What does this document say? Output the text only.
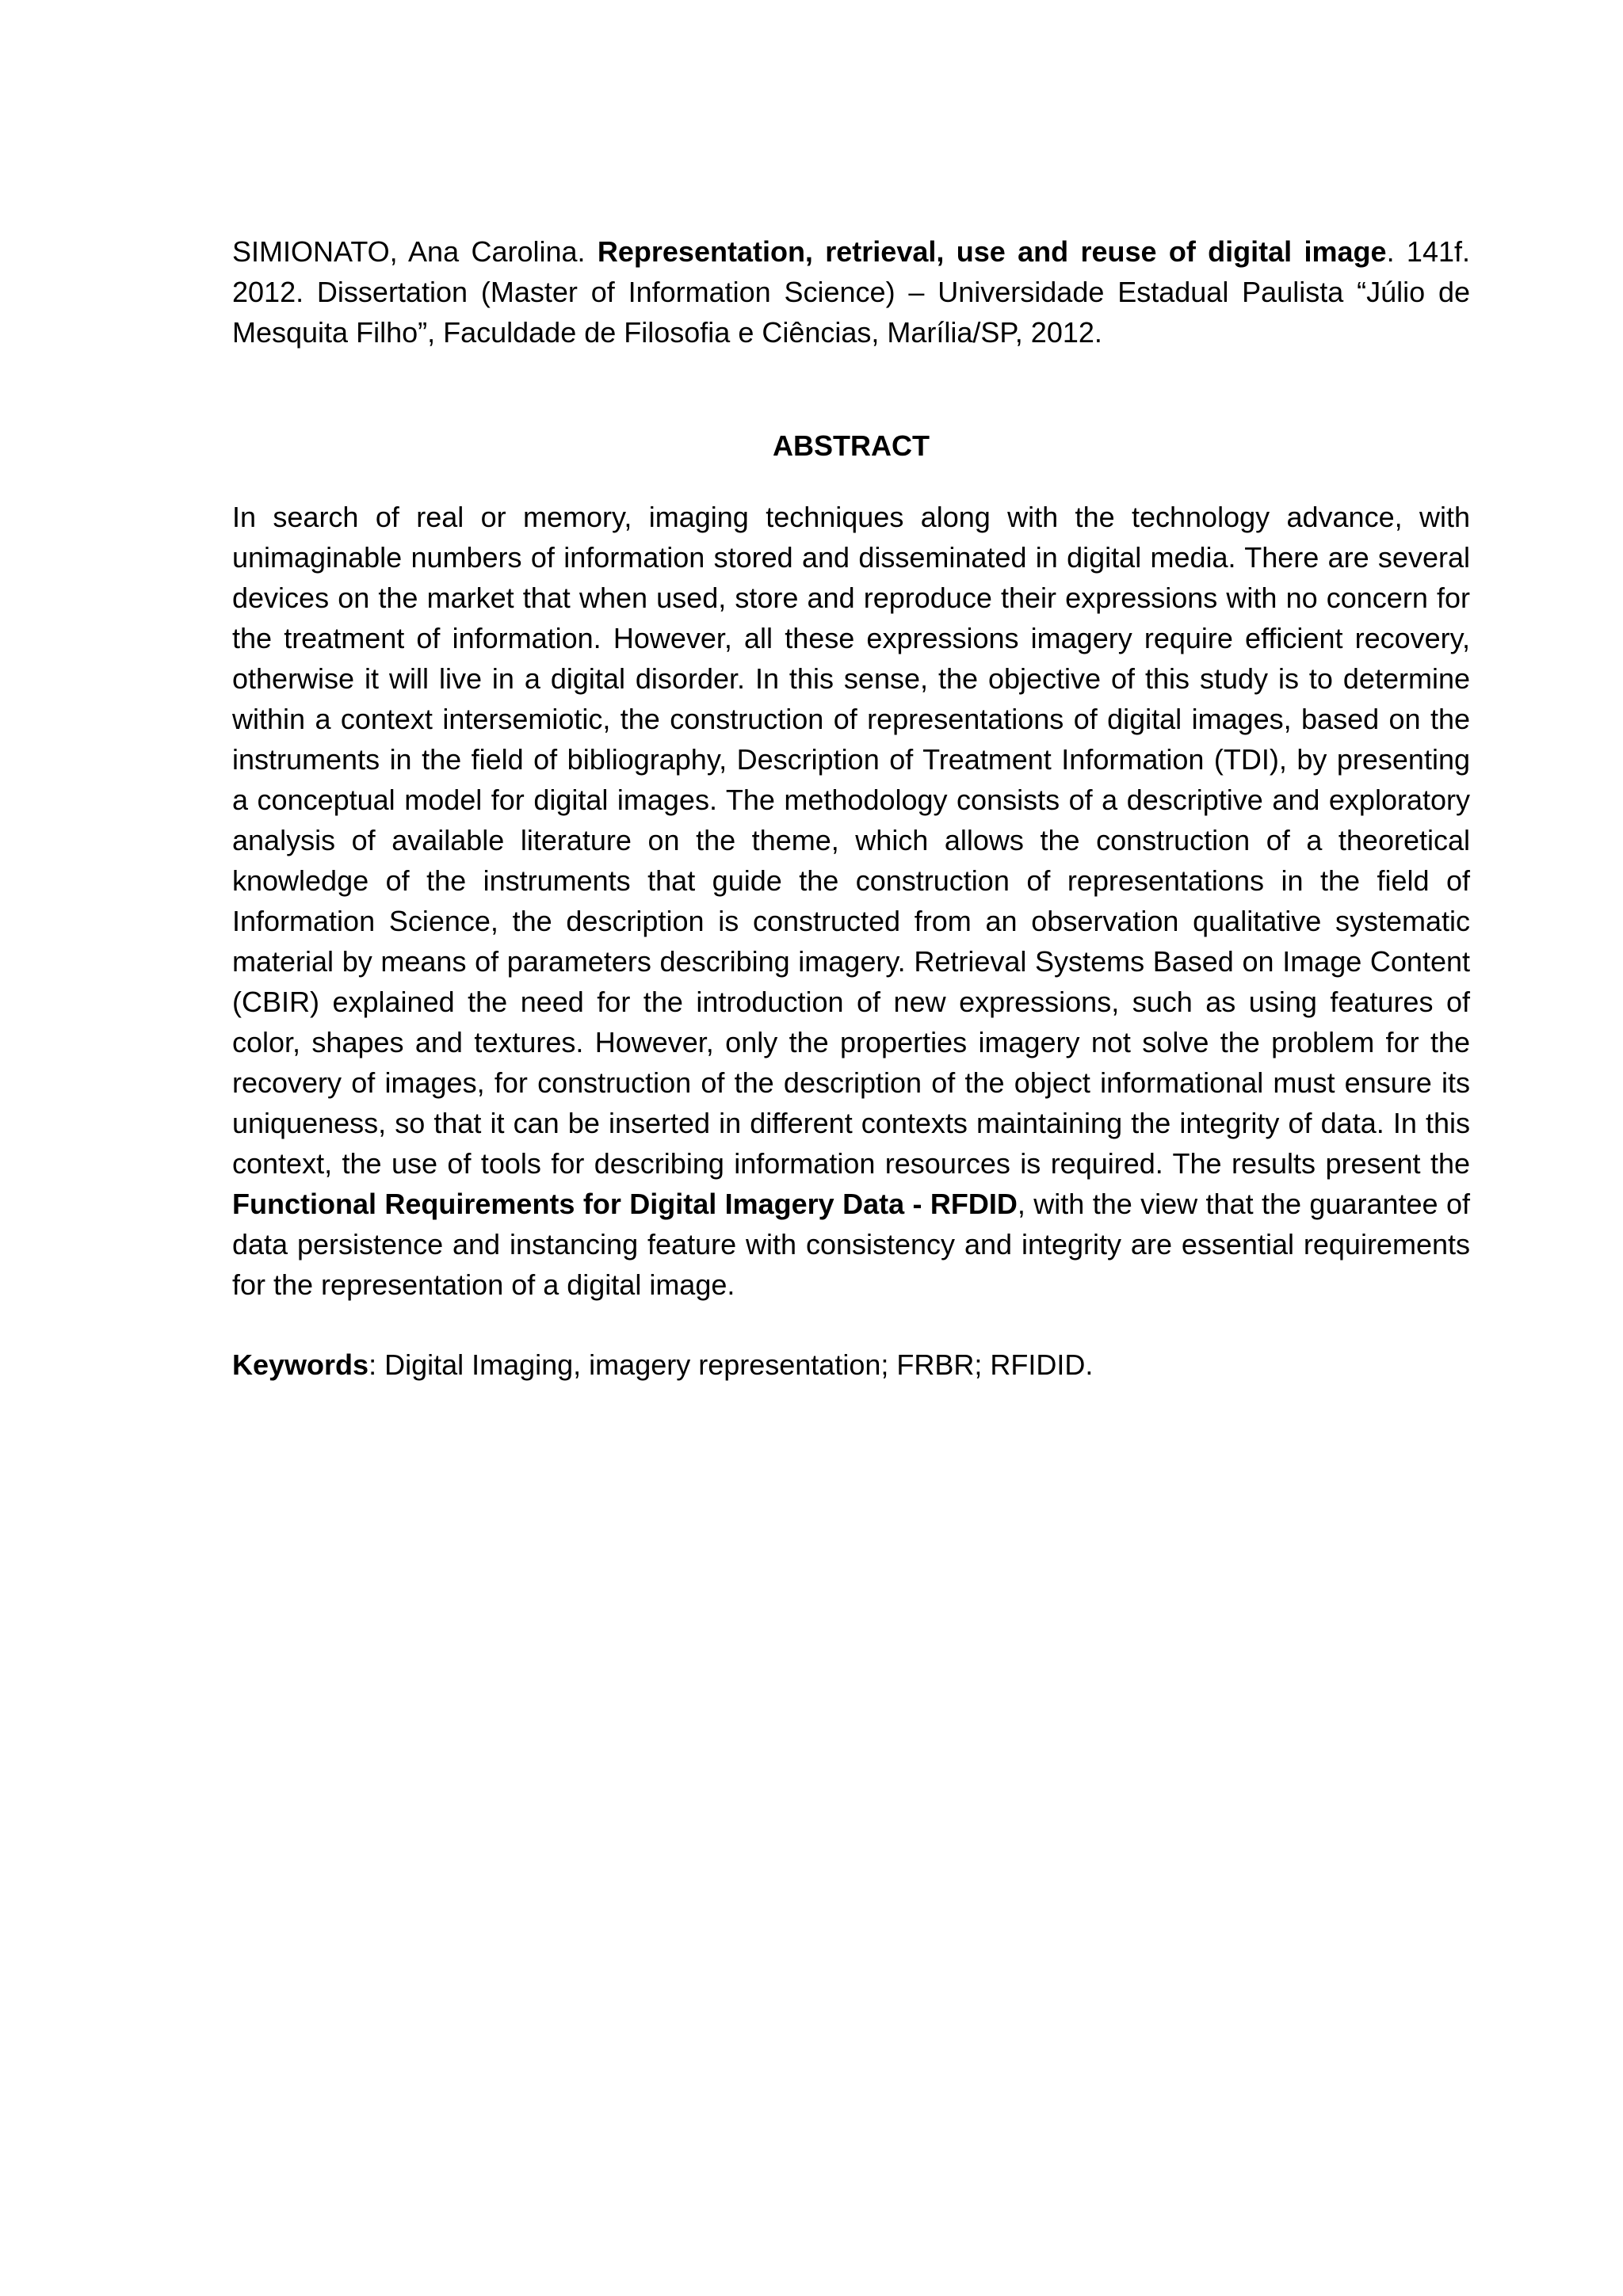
SIMIONATO, Ana Carolina. Representation, retrieval, use and reuse of digital image. 141f. 2012. Dissertation (Master of Information Science) – Universidade Estadual Paulista “Júlio de Mesquita Filho”, Faculdade de Filosofia e Ciências, Marília/SP, 2012.

ABSTRACT

In search of real or memory, imaging techniques along with the technology advance, with unimaginable numbers of information stored and disseminated in digital media. There are several devices on the market that when used, store and reproduce their expressions with no concern for the treatment of information. However, all these expressions imagery require efficient recovery, otherwise it will live in a digital disorder. In this sense, the objective of this study is to determine within a context intersemiotic, the construction of representations of digital images, based on the instruments in the field of bibliography, Description of Treatment Information (TDI), by presenting a conceptual model for digital images. The methodology consists of a descriptive and exploratory analysis of available literature on the theme, which allows the construction of a theoretical knowledge of the instruments that guide the construction of representations in the field of Information Science, the description is constructed from an observation qualitative systematic material by means of parameters describing imagery. Retrieval Systems Based on Image Content (CBIR) explained the need for the introduction of new expressions, such as using features of color, shapes and textures. However, only the properties imagery not solve the problem for the recovery of images, for construction of the description of the object informational must ensure its uniqueness, so that it can be inserted in different contexts maintaining the integrity of data. In this context, the use of tools for describing information resources is required. The results present the Functional Requirements for Digital Imagery Data - RFDID, with the view that the guarantee of data persistence and instancing feature with consistency and integrity are essential requirements for the representation of a digital image.

Keywords: Digital Imaging, imagery representation; FRBR; RFIDID.
